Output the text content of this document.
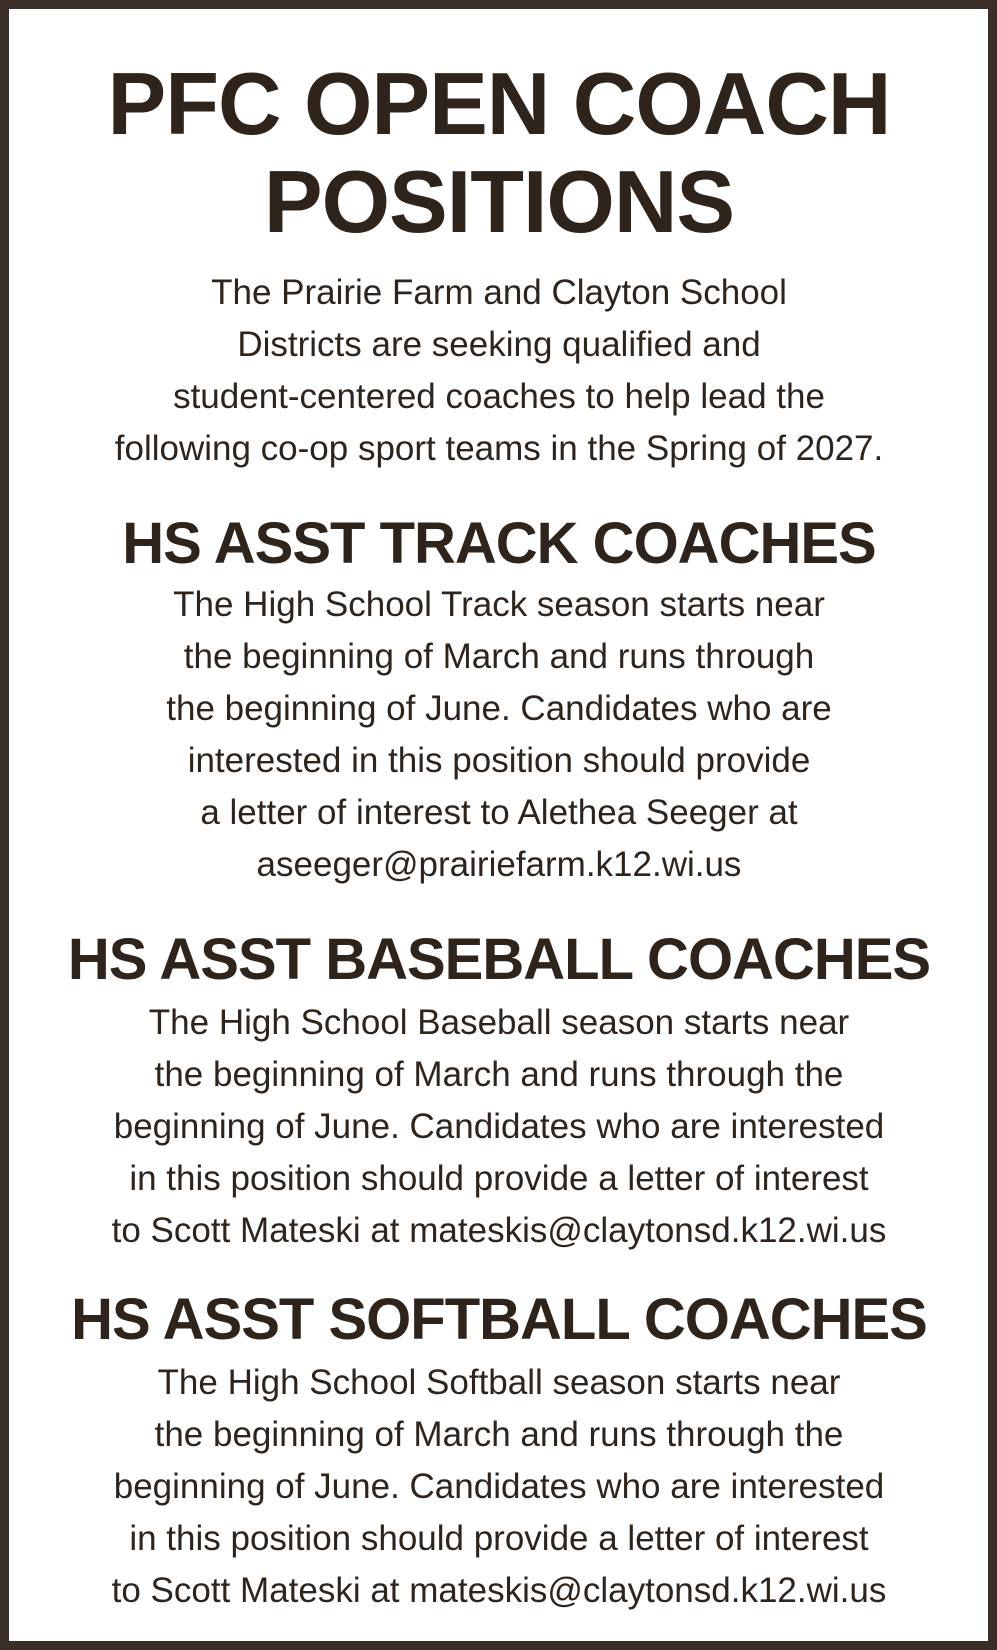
PFC OPEN COACH
POSITIONS

The Prairie Farm and Clayton School
Districts are seeking qualified and
student-centered coaches to help lead the
following co-op sport teams in the Spring of 2027.

HS ASST TRACK COACHES

The High School Track season starts near
the beginning of March and runs through
the beginning of June. Candidates who are
interested in this position should provide
a letter of interest to Alethea Seeger at
aseeger@prairiefarm.k12.wi.us

HS ASST BASEBALL COACHES

The High School Baseball season starts near
the beginning of March and runs through the
beginning of June. Candidates who are interested
in this position should provide a letter of interest
to Scott Mateski at mateskis@claytonsd.k12.wi.us

HS ASST SOFTBALL COACHES

The High School Softball season starts near
the beginning of March and runs through the
beginning of June. Candidates who are interested
in this position should provide a letter of interest
to Scott Mateski at mateskis@claytonsd.k12.wi.us
